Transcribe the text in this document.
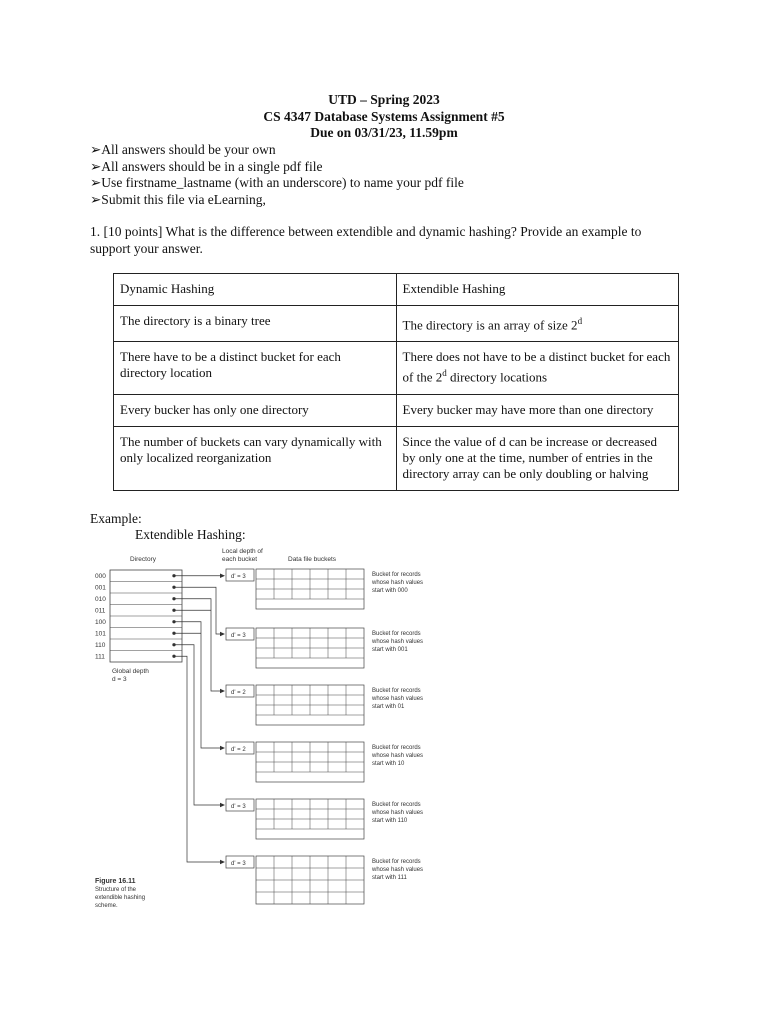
UTD – Spring 2023
CS 4347 Database Systems Assignment #5
Due on 03/31/23, 11.59pm
➢All answers should be your own
➢All answers should be in a single pdf file
➢Use firstname_lastname (with an underscore) to name your pdf file
➢Submit this file via eLearning,
1. [10 points] What is the difference between extendible and dynamic hashing? Provide an example to support your answer.
Dynamic Hashing	Extendible Hashing
The directory is a binary tree	The directory is an array of size 2$^d$
There have to be a distinct bucket for each directory location	There does not have to be a distinct bucket for each of the 2$^d$ directory locations
Every bucker has only one directory	Every bucker may have more than one directory
The number of buckets can vary dynamically with only localized reorganization	Since the value of d can be increase or decreased by only one at the time, number of entries in the directory array can be only doubling or halving
Example:
Extendible Hashing:
Directory
Local depth of
each bucket	Data file buckets
000
001
010
011
100
101
110
111
Global depth
d = 3
d' = 3	Bucket for records
whose hash values
start with 000
d' = 3	Bucket for records
whose hash values
start with 001
d' = 2	Bucket for records
whose hash values
start with 01
d' = 2	Bucket for records
whose hash values
start with 10
d' = 3	Bucket for records
whose hash values
start with 110
d' = 3	Bucket for records
whose hash values
start with 111
Figure 16.11
Structure of the
extendible hashing
scheme.
